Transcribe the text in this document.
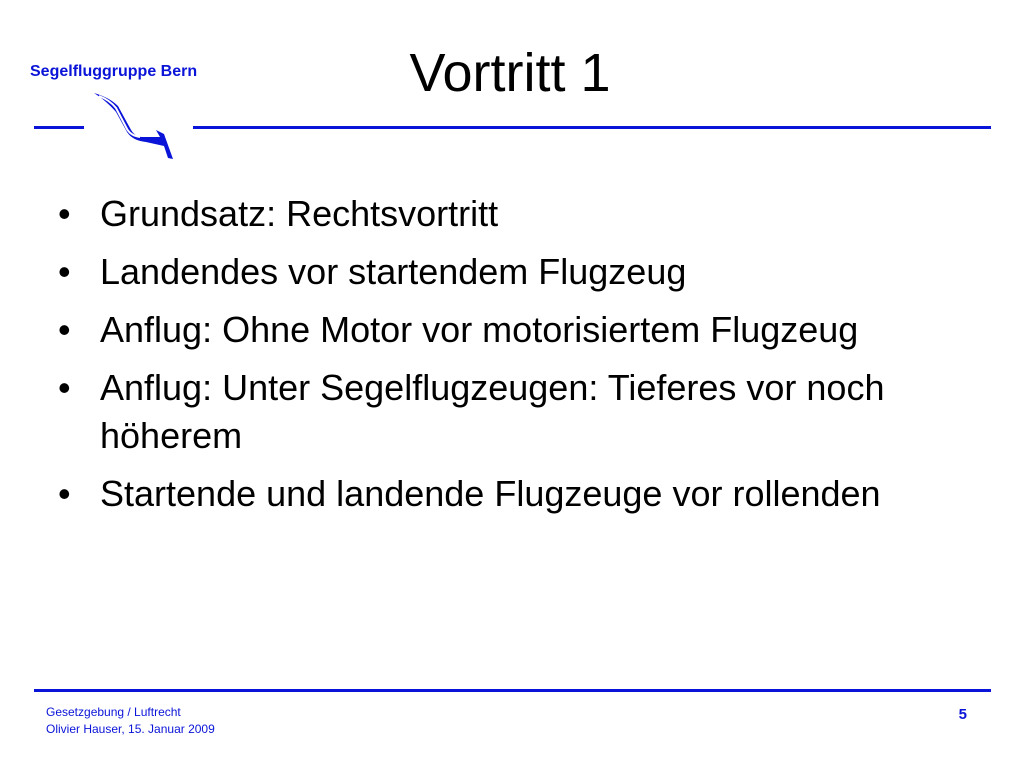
Segelfluggruppe Bern	Vortritt 1
• Grundsatz: Rechtsvortritt
• Landendes vor startendem Flugzeug
• Anflug: Ohne Motor vor motorisiertem Flugzeug
• Anflug: Unter Segelflugzeugen: Tieferes vor noch höherem
• Startende und landende Flugzeuge vor rollenden
Gesetzgebung / Luftrecht
Olivier Hauser, 15. Januar 2009
5
